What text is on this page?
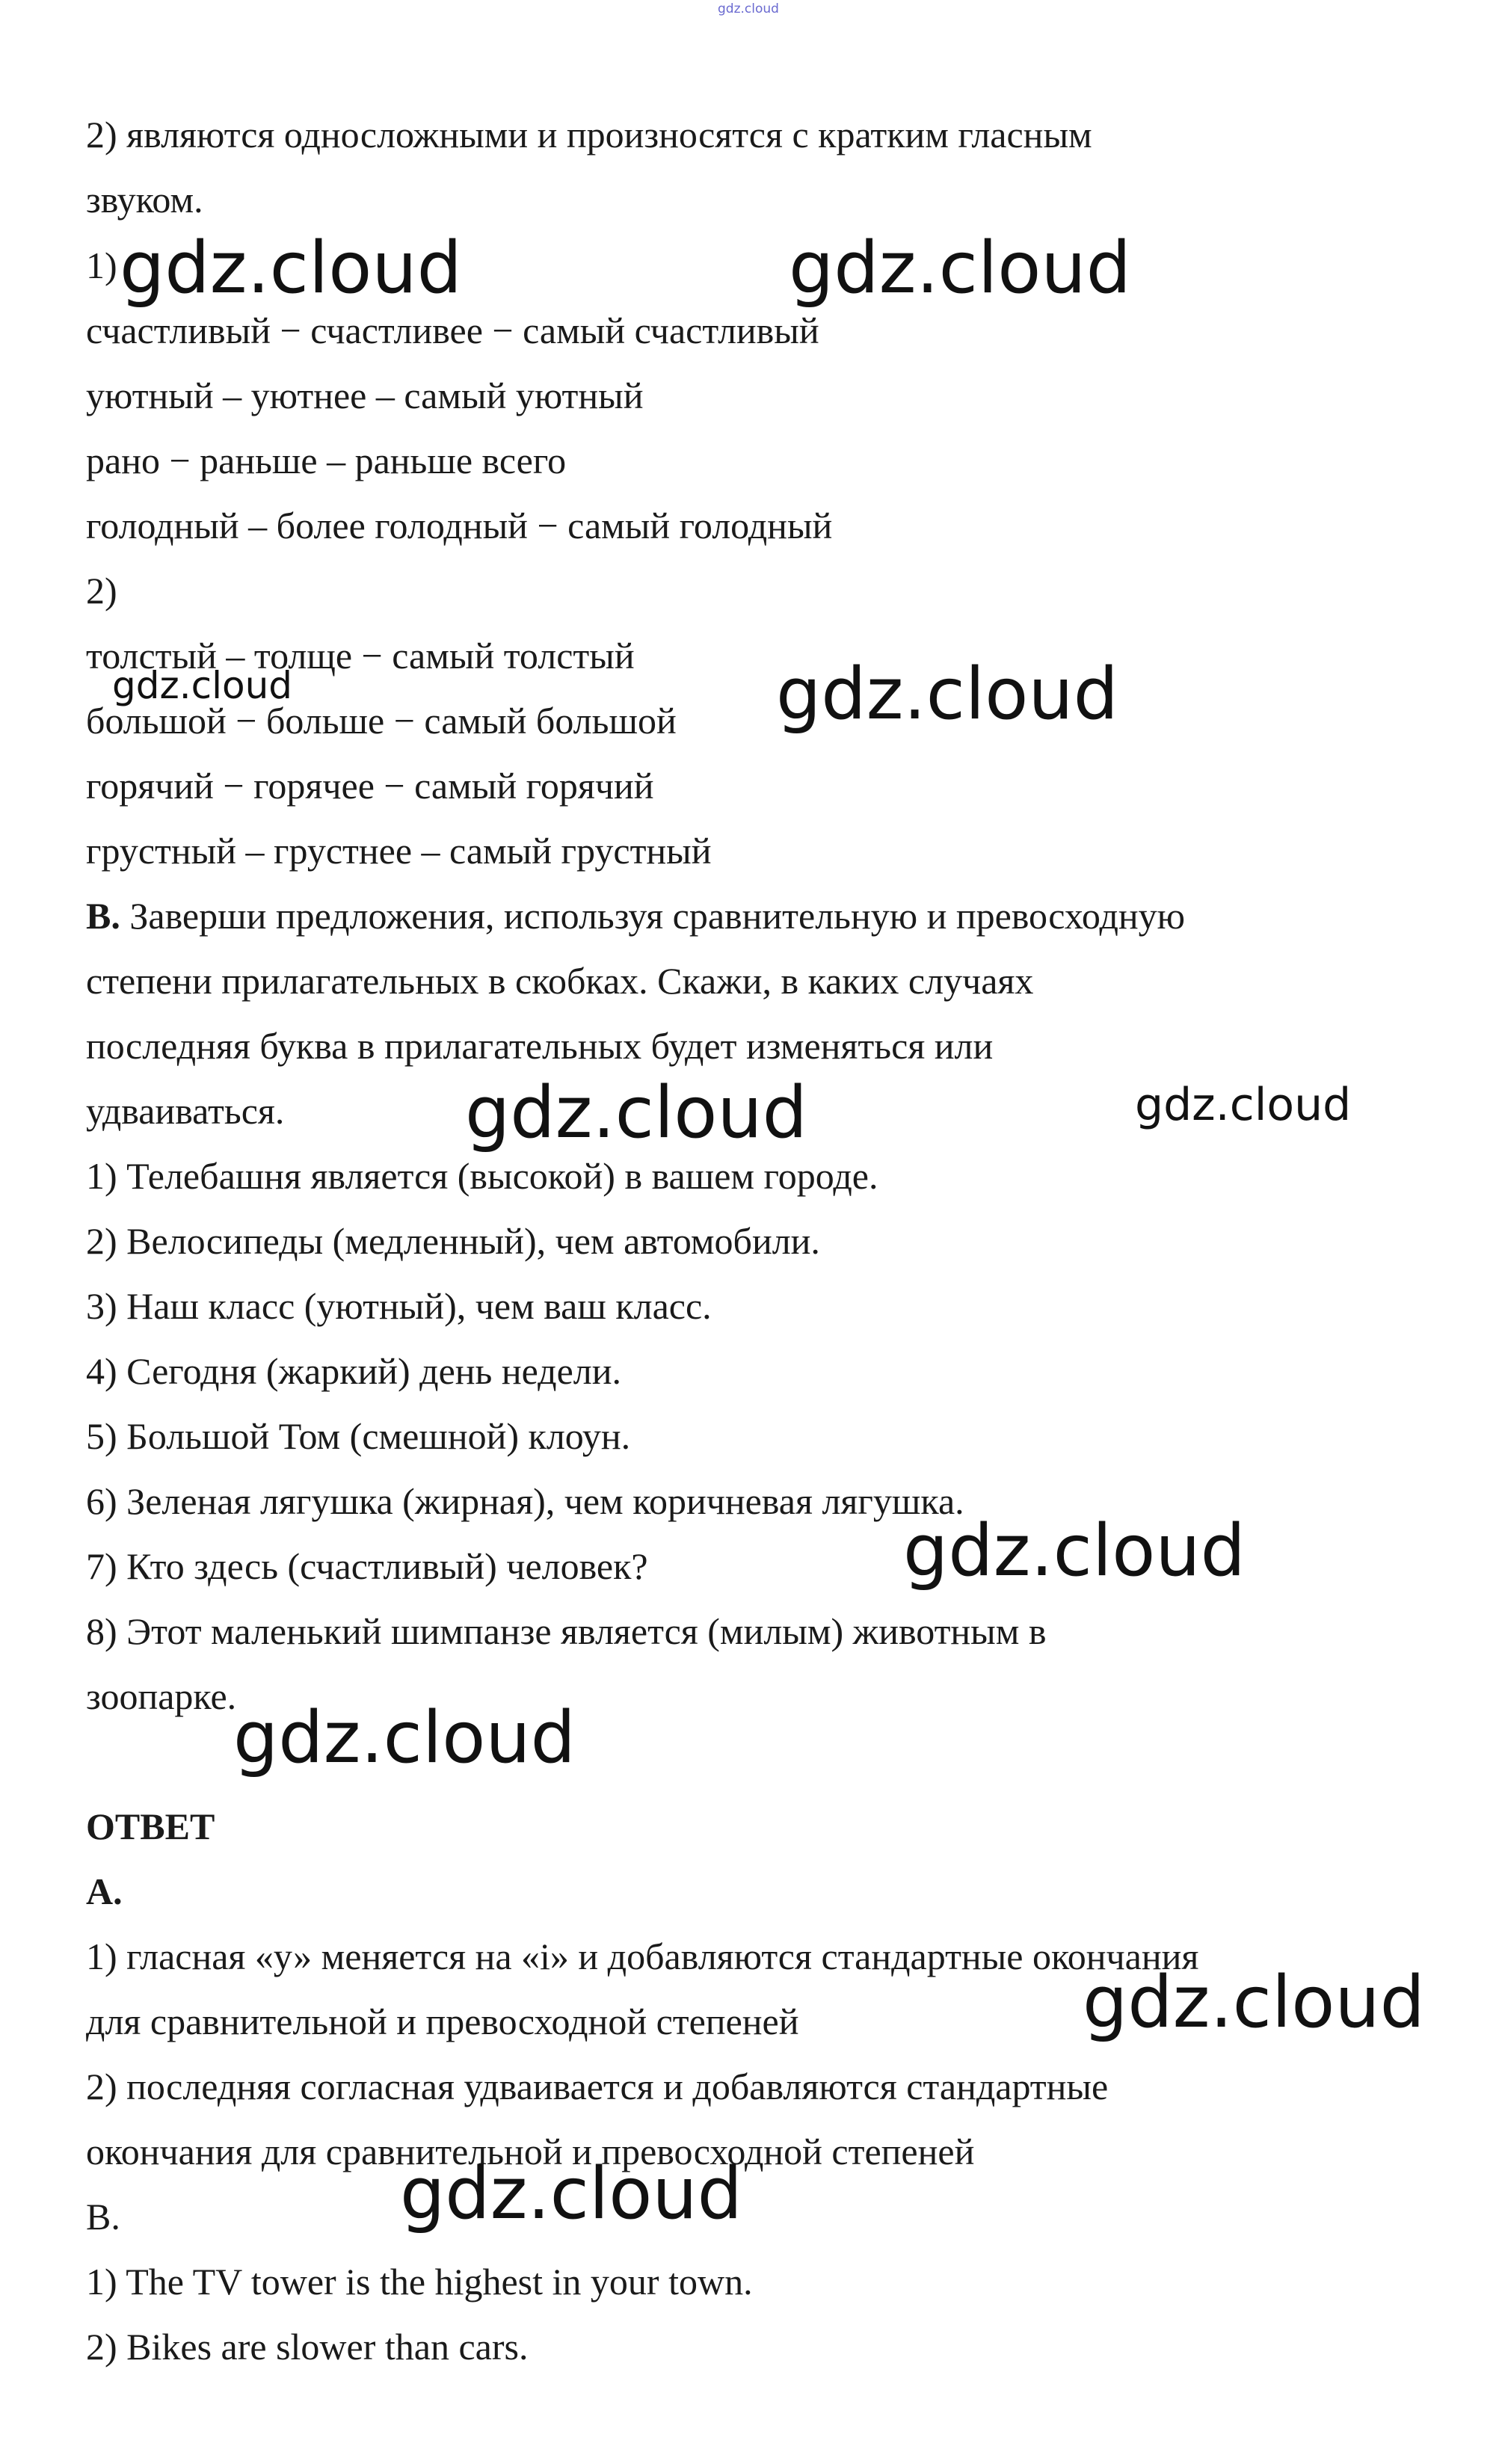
gdz.cloud
2) являются односложными и произносятся с кратким гласным
звуком.
1)
счастливый − счастливее − самый счастливый
уютный – уютнее – самый уютный
рано − раньше – раньше всего
голодный – более голодный − самый голодный
2)
толстый – толще − самый толстый
большой − больше − самый большой
горячий − горячее − самый горячий
грустный – грустнее – самый грустный
B. Заверши предложения, используя сравнительную и превосходную
степени прилагательных в скобках. Скажи, в каких случаях
последняя буква в прилагательных будет изменяться или
удваиваться.
1) Телебашня является (высокой) в вашем городе.
2) Велосипеды (медленный), чем автомобили.
3) Наш класс (уютный), чем ваш класс.
4) Сегодня (жаркий) день недели.
5) Большой Том (смешной) клоун.
6) Зеленая лягушка (жирная), чем коричневая лягушка.
7) Кто здесь (счастливый) человек?
8) Этот маленький шимпанзе является (милым) животным в
зоопарке.
ОТВЕТ
A.
1) гласная «у» меняется на «i» и добавляются стандартные окончания
для сравнительной и превосходной степеней
2) последняя согласная удваивается и добавляются стандартные
окончания для сравнительной и превосходной степеней
B.
1) The TV tower is the highest in your town.
2) Bikes are slower than cars.
gdz.cloud	gdz.cloud
gdz.cloud	gdz.cloud
gdz.cloud	gdz.cloud
gdz.cloud
gdz.cloud
gdz.cloud
gdz.cloud
